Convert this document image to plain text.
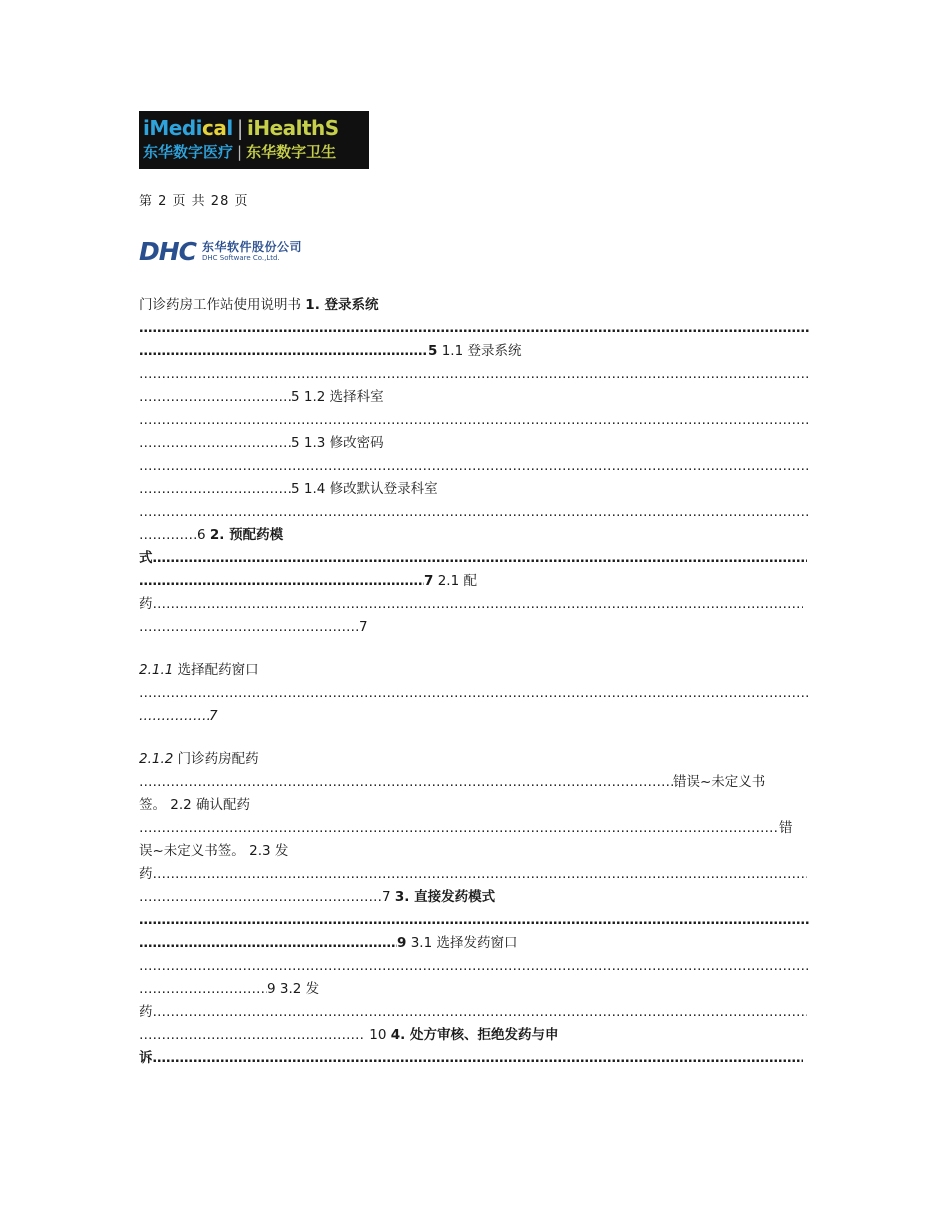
iMedical | iHealthS
东华数字医疗 | 东华数字卫生
第 2 页 共 28 页
DHC 东华软件股份公司
DHC Software Co.,Ltd.
门诊药房工作站使用说明书 1. 登录系统
…………………………………………………………………………………………………………………………………………………………………………………………………………………………………………
…………………………………………………………………………………………………………………………………………………………………………………………………………………………………………5 1.1 登录系统
…………………………………………………………………………………………………………………………………………………………………………………………………………………………………………
…………………………………………………………………………………………………………………………………………………………………………………………………………………………………………5 1.2 选择科室
…………………………………………………………………………………………………………………………………………………………………………………………………………………………………………
…………………………………………………………………………………………………………………………………………………………………………………………………………………………………………5 1.3 修改密码
…………………………………………………………………………………………………………………………………………………………………………………………………………………………………………
…………………………………………………………………………………………………………………………………………………………………………………………………………………………………………5 1.4 修改默认登录科室
…………………………………………………………………………………………………………………………………………………………………………………………………………………………………………
…………………………………………………………………………………………………………………………………………………………………………………………………………………………………………6 2. 预配药模
式…………………………………………………………………………………………………………………………………………………………………………………………………………………………………………
…………………………………………………………………………………………………………………………………………………………………………………………………………………………………………7 2.1 配
药…………………………………………………………………………………………………………………………………………………………………………………………………………………………………………
…………………………………………………………………………………………………………………………………………………………………………………………………………………………………………7
2.1.1 选择配药窗口
…………………………………………………………………………………………………………………………………………………………………………………………………………………………………………
…………………………………………………………………………………………………………………………………………………………………………………………………………………………………………7
2.1.2 门诊药房配药
…………………………………………………………………………………………………………………………………………………………………………………………………………………………………………错误~未定义书
签。 2.2 确认配药
…………………………………………………………………………………………………………………………………………………………………………………………………………………………………………错
误~未定义书签。 2.3 发
药…………………………………………………………………………………………………………………………………………………………………………………………………………………………………………
…………………………………………………………………………………………………………………………………………………………………………………………………………………………………………7 3. 直接发药模式
…………………………………………………………………………………………………………………………………………………………………………………………………………………………………………
…………………………………………………………………………………………………………………………………………………………………………………………………………………………………………9 3.1 选择发药窗口
…………………………………………………………………………………………………………………………………………………………………………………………………………………………………………
…………………………………………………………………………………………………………………………………………………………………………………………………………………………………………9 3.2 发
药…………………………………………………………………………………………………………………………………………………………………………………………………………………………………………
………………………………………………………………………………………………………………………………………………………………………………………………………………………………………… 10 4. 处方审核、拒绝发药与申
诉…………………………………………………………………………………………………………………………………………………………………………………………………………………………………………
